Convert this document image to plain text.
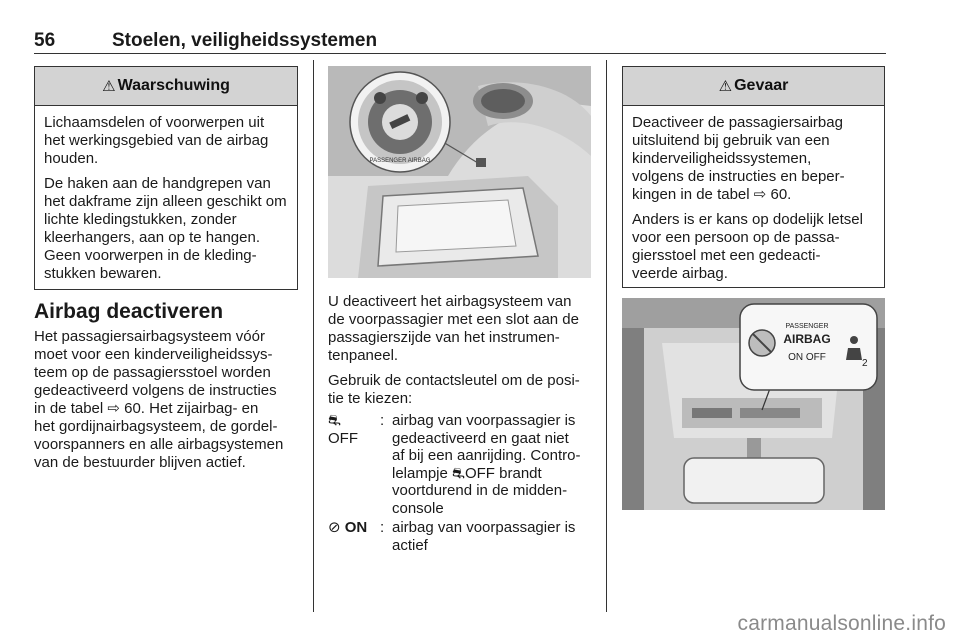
56	Stoelen, veiligheidssystemen
⚠ Waarschuwing

Lichaamsdelen of voorwerpen uit het werkingsgebied van de airbag houden.

De haken aan de handgrepen van het dakframe zijn alleen geschikt om lichte kledingstukken, zonder kleerhangers, aan op te hangen. Geen voorwerpen in de kleding-stukken bewaren.

Airbag deactiveren
Het passagiersairbagsysteem vóór
moet voor een kinderveiligheidssys-
teem op de passagiersstoel worden
gedeactiveerd volgens de instructies
in de tabel ⇨ 60. Het zijairbag- en
het gordijnairbagsysteem, de gordel-
voorspanners en alle airbagsystemen
van de bestuurder blijven actief.
PASSENGER AIRBAG

U deactiveert het airbagsysteem van
de voorpassagier met een slot aan de
passagierszijde van het instrumen-
tenpaneel.

Gebruik de contactsleutel om de posi-
tie te kiezen:

⛐
OFF
: airbag van voorpassagier is
gedeactiveerd en gaat niet
af bij een aanrijding. Contro-
lelampje ⛐OFF brandt
voortdurend in de midden-
console
⊘ ON : airbag van voorpassagier is
actief
⚠ Gevaar

Deactiveer de passagiersairbag
uitsluitend bij gebruik van een
kinderveiligheidssystemen,
volgens de instructies en beper-
kingen in de tabel ⇨ 60.

Anders is er kans op dodelijk letsel
voor een persoon op de passa-
giersstoel met een gedeacti-
veerde airbag.

PASSENGER
AIRBAG
ON OFF
2
carmanualsonline.info
